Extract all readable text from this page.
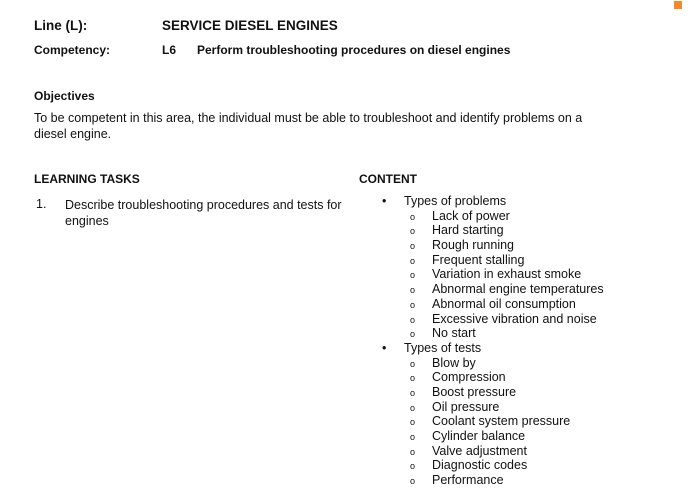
Line (L):	SERVICE DIESEL ENGINES
Competency:	L6 Perform troubleshooting procedures on diesel engines
Objectives
To be competent in this area, the individual must be able to troubleshoot and identify problems on a diesel engine.
LEARNING TASKS	CONTENT
1. Describe troubleshooting procedures and tests for engines
• Types of problems
o Lack of power
o Hard starting
o Rough running
o Frequent stalling
o Variation in exhaust smoke
o Abnormal engine temperatures
o Abnormal oil consumption
o Excessive vibration and noise
o No start
• Types of tests
o Blow by
o Compression
o Boost pressure
o Oil pressure
o Coolant system pressure
o Cylinder balance
o Valve adjustment
o Diagnostic codes
o Performance
